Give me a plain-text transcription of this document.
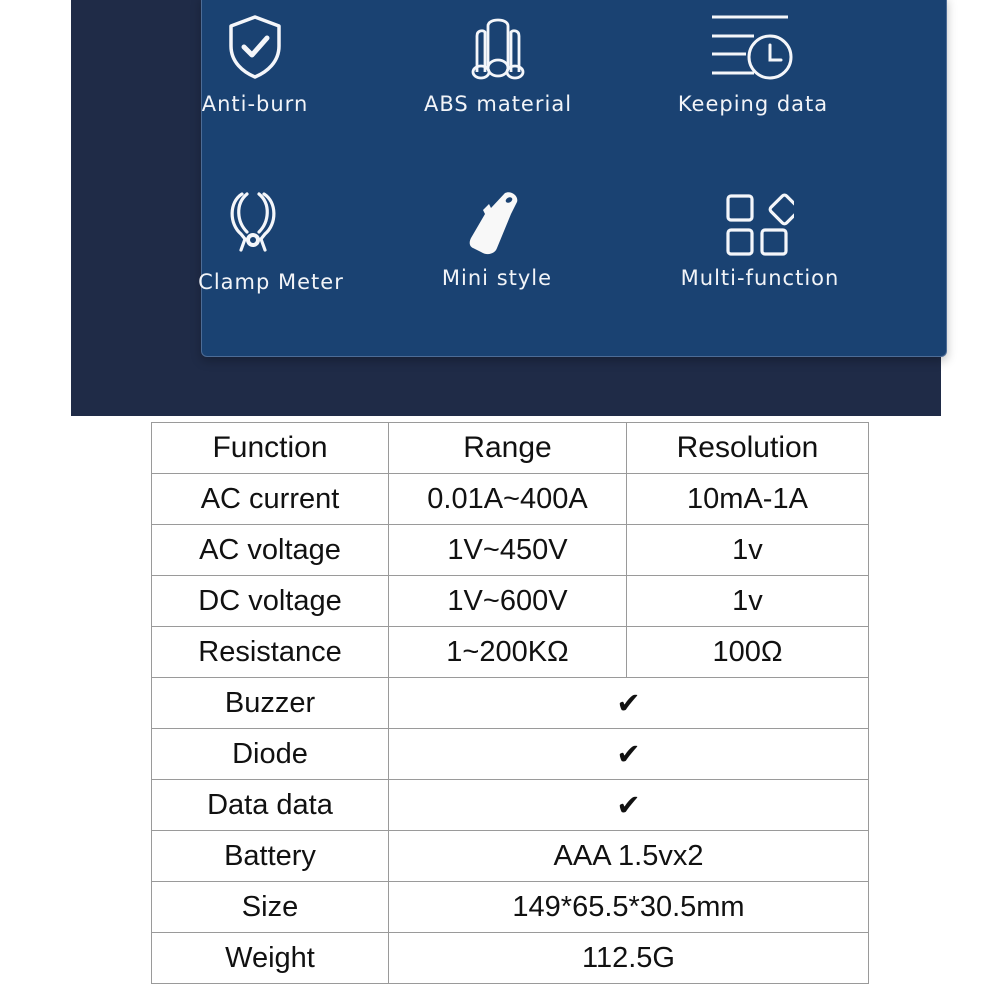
Anti-burn	ABS material	Keeping data
Clamp Meter	Mini style	Multi-function
Function	Range	Resolution
AC current	0.01A~400A	10mA-1A
AC voltage	1V~450V	1v
DC voltage	1V~600V	1v
Resistance	1~200KΩ	100Ω
Buzzer	✔	
Diode	✔	
Data data	✔	
Battery	AAA 1.5vx2	
Size	149*65.5*30.5mm	
Weight	112.5G	
